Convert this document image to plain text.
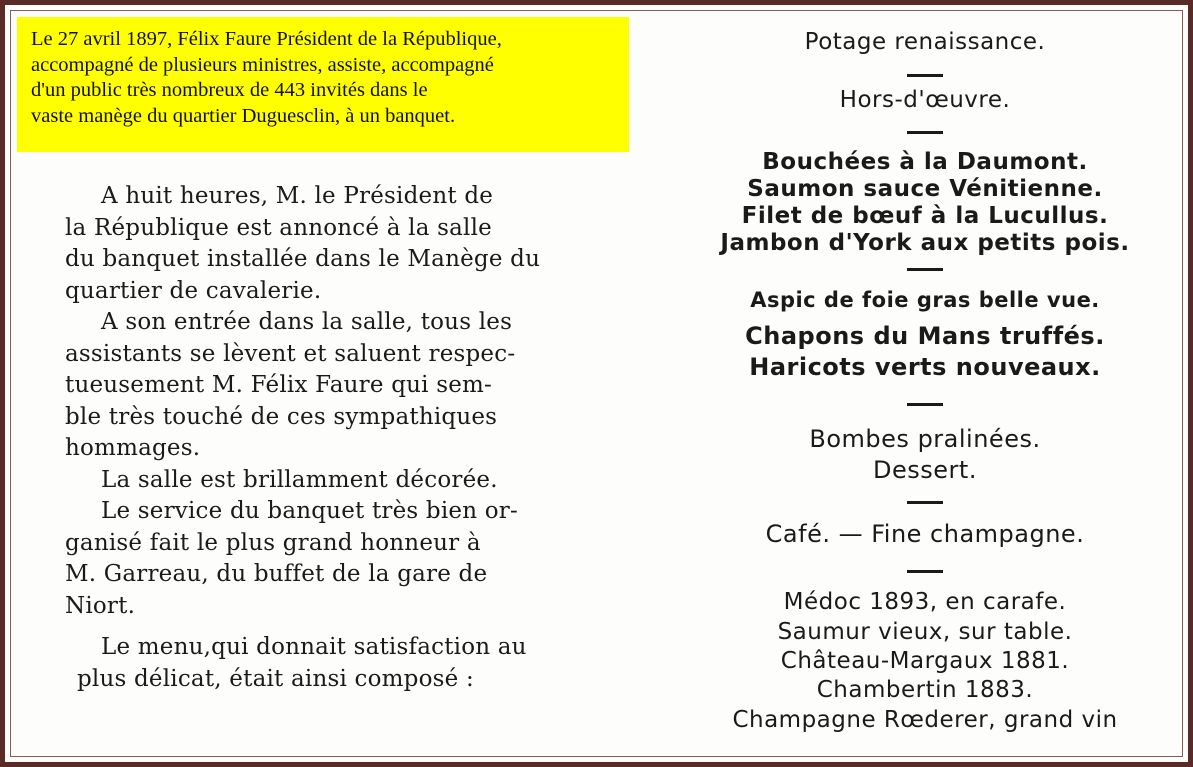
Le 27 avril 1897, Félix Faure Président de la République,
accompagné de plusieurs ministres, assiste, accompagné
d'un public très nombreux de 443 invités dans le
vaste manège du quartier Duguesclin, à un banquet.
A huit heures, M. le Président de
la République est annoncé à la salle
du banquet installée dans le Manège du
quartier de cavalerie.
A son entrée dans la salle, tous les
assistants se lèvent et saluent respec-
tueusement M. Félix Faure qui sem-
ble très touché de ces sympathiques
hommages.
La salle est brillamment décorée.
Le service du banquet très bien or-
ganisé fait le plus grand honneur à
M. Garreau, du buffet de la gare de
Niort.
Le menu,qui donnait satisfaction au
plus délicat, était ainsi composé :
Potage renaissance.
Hors-d'œuvre.
Bouchées à la Daumont.
Saumon sauce Vénitienne.
Filet de bœuf à la Lucullus.
Jambon d'York aux petits pois.
Aspic de foie gras belle vue.
Chapons du Mans truffés.
Haricots verts nouveaux.
Bombes pralinées.
Dessert.
Café. — Fine champagne.
Médoc 1893, en carafe.
Saumur vieux, sur table.
Château-Margaux 1881.
Chambertin 1883.
Champagne Rœderer, grand vin
